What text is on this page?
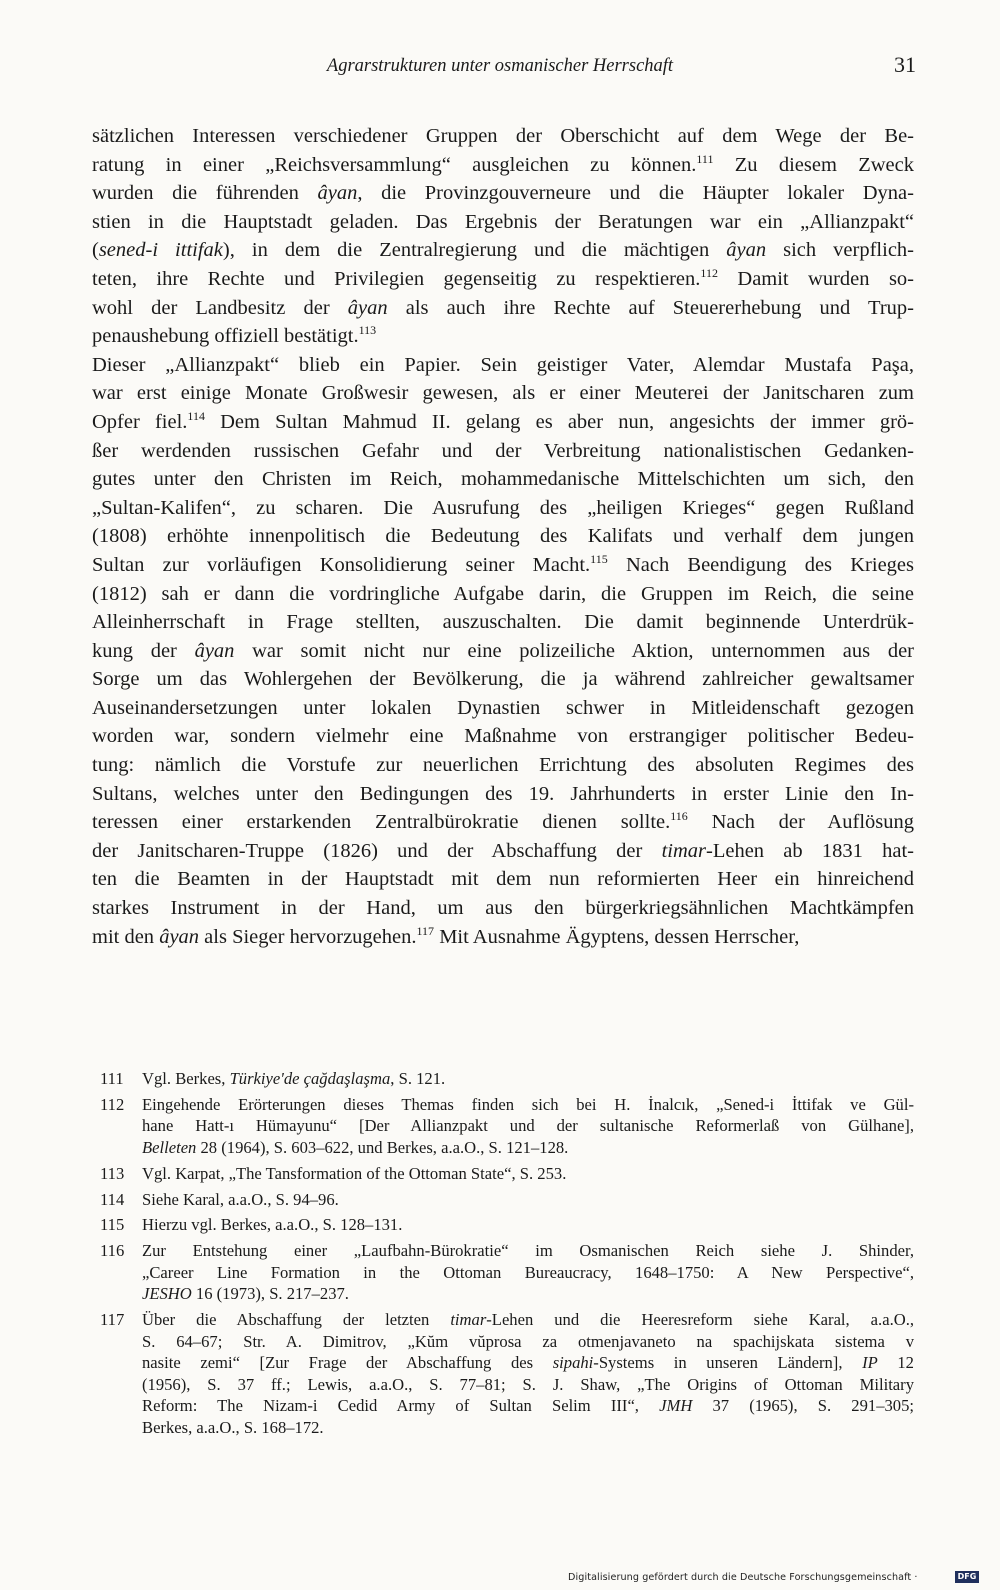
Agrarstrukturen unter osmanischer Herrschaft	31
sätzlichen Interessen verschiedener Gruppen der Oberschicht auf dem Wege der Be-
ratung in einer „Reichsversammlung“ ausgleichen zu können.$^{111}$ Zu diesem Zweck
wurden die führenden âyan, die Provinzgouverneure und die Häupter lokaler Dyna-
stien in die Hauptstadt geladen. Das Ergebnis der Beratungen war ein „Allianzpakt“
(sened-i ittifak), in dem die Zentralregierung und die mächtigen âyan sich verpflich-
teten, ihre Rechte und Privilegien gegenseitig zu respektieren.$^{112}$ Damit wurden so-
wohl der Landbesitz der âyan als auch ihre Rechte auf Steuererhebung und Trup-
penaushebung offiziell bestätigt.$^{113}$
Dieser „Allianzpakt“ blieb ein Papier. Sein geistiger Vater, Alemdar Mustafa Paşa,
war erst einige Monate Großwesir gewesen, als er einer Meuterei der Janitscharen zum
Opfer fiel.$^{114}$ Dem Sultan Mahmud II. gelang es aber nun, angesichts der immer grö-
ßer werdenden russischen Gefahr und der Verbreitung nationalistischen Gedanken-
gutes unter den Christen im Reich, mohammedanische Mittelschichten um sich, den
„Sultan-Kalifen“, zu scharen. Die Ausrufung des „heiligen Krieges“ gegen Rußland
(1808) erhöhte innenpolitisch die Bedeutung des Kalifats und verhalf dem jungen
Sultan zur vorläufigen Konsolidierung seiner Macht.$^{115}$ Nach Beendigung des Krieges
(1812) sah er dann die vordringliche Aufgabe darin, die Gruppen im Reich, die seine
Alleinherrschaft in Frage stellten, auszuschalten. Die damit beginnende Unterdrük-
kung der âyan war somit nicht nur eine polizeiliche Aktion, unternommen aus der
Sorge um das Wohlergehen der Bevölkerung, die ja während zahlreicher gewaltsamer
Auseinandersetzungen unter lokalen Dynastien schwer in Mitleidenschaft gezogen
worden war, sondern vielmehr eine Maßnahme von erstrangiger politischer Bedeu-
tung: nämlich die Vorstufe zur neuerlichen Errichtung des absoluten Regimes des
Sultans, welches unter den Bedingungen des 19. Jahrhunderts in erster Linie den In-
teressen einer erstarkenden Zentralbürokratie dienen sollte.$^{116}$ Nach der Auflösung
der Janitscharen-Truppe (1826) und der Abschaffung der timar-Lehen ab 1831 hat-
ten die Beamten in der Hauptstadt mit dem nun reformierten Heer ein hinreichend
starkes Instrument in der Hand, um aus den bürgerkriegsähnlichen Machtkämpfen
mit den âyan als Sieger hervorzugehen.$^{117}$ Mit Ausnahme Ägyptens, dessen Herrscher,
111 Vgl. Berkes, Türkiye'de çağdaşlaşma, S. 121.
112 Eingehende Erörterungen dieses Themas finden sich bei H. İnalcık, „Sened-i İttifak ve Gül-
hane Hatt-ı Hümayunu“ [Der Allianzpakt und der sultanische Reformerlaß von Gülhane],
Belleten 28 (1964), S. 603–622, und Berkes, a.a.O., S. 121–128.
113 Vgl. Karpat, „The Tansformation of the Ottoman State“, S. 253.
114 Siehe Karal, a.a.O., S. 94–96.
115 Hierzu vgl. Berkes, a.a.O., S. 128–131.
116 Zur Entstehung einer „Laufbahn-Bürokratie“ im Osmanischen Reich siehe J. Shinder,
„Career Line Formation in the Ottoman Bureaucracy, 1648–1750: A New Perspective“,
JESHO 16 (1973), S. 217–237.
117 Über die Abschaffung der letzten timar-Lehen und die Heeresreform siehe Karal, a.a.O.,
S. 64–67; Str. A. Dimitrov, „Kŭm vŭprosa za otmenjavaneto na spachijskata sistema v
nasite zemi“ [Zur Frage der Abschaffung des sipahi-Systems in unseren Ländern], IP 12
(1956), S. 37 ff.; Lewis, a.a.O., S. 77–81; S. J. Shaw, „The Origins of Ottoman Military
Reform: The Nizam-i Cedid Army of Sultan Selim III“, JMH 37 (1965), S. 291–305;
Berkes, a.a.O., S. 168–172.
Digitalisierung gefördert durch die Deutsche Forschungsgemeinschaft ·	DFG
